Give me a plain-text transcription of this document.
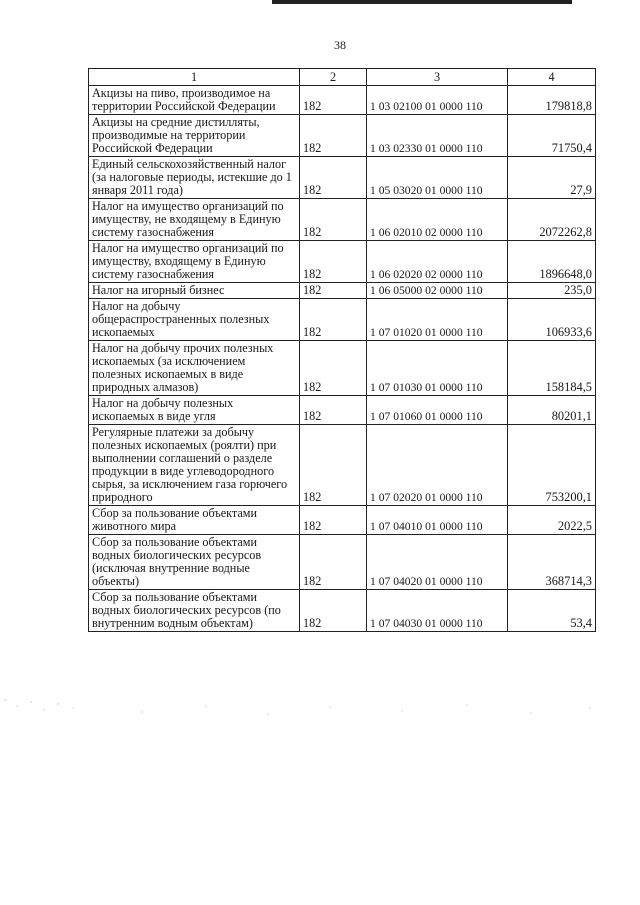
38
1	2	3	4
Акцизы на пиво, производимое на территории Российской Федерации	182	1 03 02100 01 0000 110	179818,8
Акцизы на средние дистилляты, производимые на территории Российской Федерации	182	1 03 02330 01 0000 110	71750,4
Единый сельскохозяйственный налог (за налоговые периоды, истекшие до 1 января 2011 года)	182	1 05 03020 01 0000 110	27,9
Налог на имущество организаций по имуществу, не входящему в Единую систему газоснабжения	182	1 06 02010 02 0000 110	2072262,8
Налог на имущество организаций по имуществу, входящему в Единую систему газоснабжения	182	1 06 02020 02 0000 110	1896648,0
Налог на игорный бизнес	182	1 06 05000 02 0000 110	235,0
Налог на добычу общераспространенных полезных ископаемых	182	1 07 01020 01 0000 110	106933,6
Налог на добычу прочих полезных ископаемых (за исключением полезных ископаемых в виде природных алмазов)	182	1 07 01030 01 0000 110	158184,5
Налог на добычу полезных ископаемых в виде угля	182	1 07 01060 01 0000 110	80201,1
Регулярные платежи за добычу полезных ископаемых (роялти) при выполнении соглашений о разделе продукции в виде углеводородного сырья, за исключением газа горючего природного	182	1 07 02020 01 0000 110	753200,1
Сбор за пользование объектами животного мира	182	1 07 04010 01 0000 110	2022,5
Сбор за пользование объектами водных биологических ресурсов (исключая внутренние водные объекты)	182	1 07 04020 01 0000 110	368714,3
Сбор за пользование объектами водных биологических ресурсов (по внутренним водным объектам)	182	1 07 04030 01 0000 110	53,4
